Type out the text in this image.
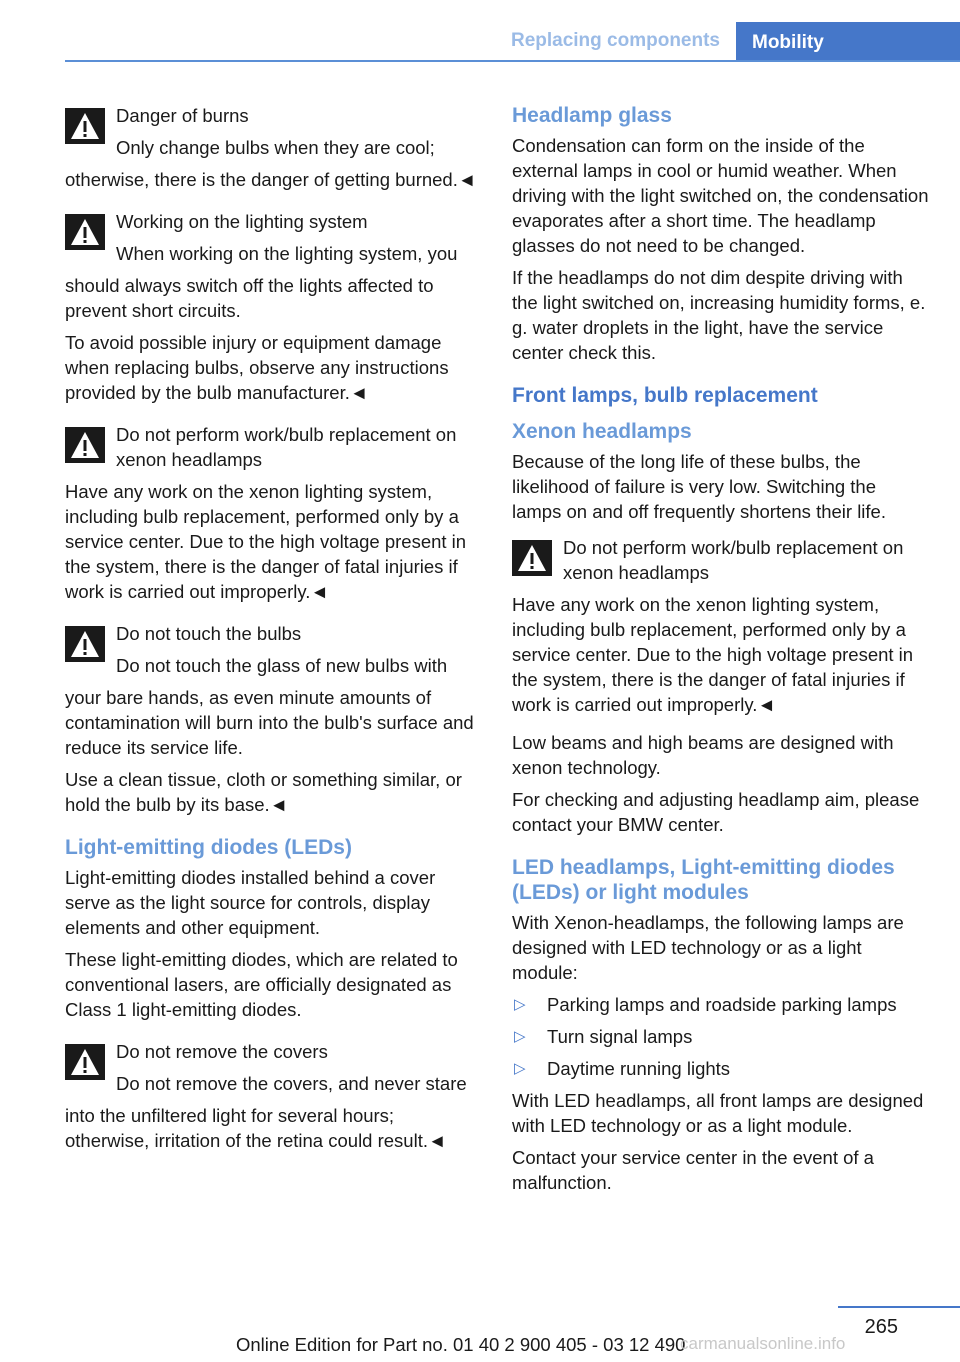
Replacing components	Mobility
Danger of burns
Only change bulbs when they are cool;

otherwise, there is the danger of getting burned.◄

Working on the lighting system
When working on the lighting system, you

should always switch off the lights affected to prevent short circuits.

To avoid possible injury or equipment damage when replacing bulbs, observe any instructions provided by the bulb manufacturer.◄

Do not perform work/bulb replacement on xenon headlamps

Have any work on the xenon lighting system, including bulb replacement, performed only by a service center. Due to the high voltage present in the system, there is the danger of fatal injuries if work is carried out improperly.◄

Do not touch the bulbs
Do not touch the glass of new bulbs with

your bare hands, as even minute amounts of contamination will burn into the bulb's surface and reduce its service life.

Use a clean tissue, cloth or something similar, or hold the bulb by its base.◄

Light-emitting diodes (LEDs)

Light-emitting diodes installed behind a cover serve as the light source for controls, display elements and other equipment.

These light-emitting diodes, which are related to conventional lasers, are officially designated as Class 1 light-emitting diodes.

Do not remove the covers
Do not remove the covers, and never stare

into the unfiltered light for several hours; otherwise, irritation of the retina could result.◄

Headlamp glass

Condensation can form on the inside of the external lamps in cool or humid weather. When driving with the light switched on, the condensation evaporates after a short time. The headlamp glasses do not need to be changed.

If the headlamps do not dim despite driving with the light switched on, increasing humidity forms, e. g. water droplets in the light, have the service center check this.

Front lamps, bulb replacement
Xenon headlamps

Because of the long life of these bulbs, the likelihood of failure is very low. Switching the lamps on and off frequently shortens their life.

Do not perform work/bulb replacement on xenon headlamps

Have any work on the xenon lighting system, including bulb replacement, performed only by a service center. Due to the high voltage present in the system, there is the danger of fatal injuries if work is carried out improperly.◄

Low beams and high beams are designed with xenon technology.

For checking and adjusting headlamp aim, please contact your BMW center.

LED headlamps, Light-emitting diodes (LEDs) or light modules

With Xenon-headlamps, the following lamps are designed with LED technology or as a light module:

▷	Parking lamps and roadside parking lamps
▷	Turn signal lamps
▷	Daytime running lights

With LED headlamps, all front lamps are designed with LED technology or as a light module.

Contact your service center in the event of a malfunction.

265
Online Edition for Part no. 01 40 2 900 405 - 03 12 490
carmanualsonline.info
